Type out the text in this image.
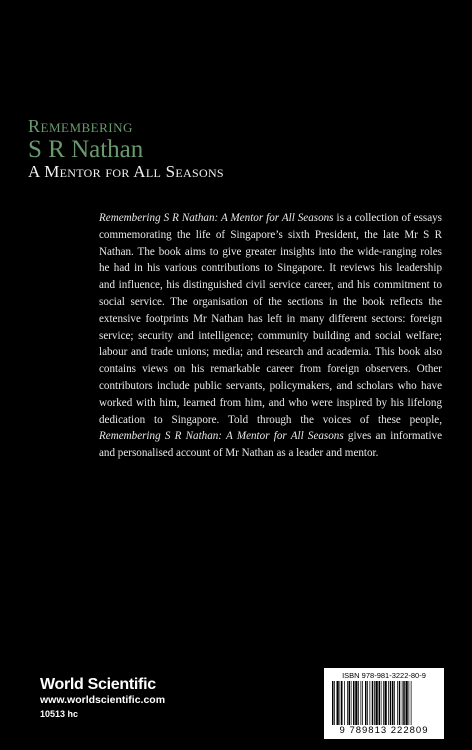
Remembering
S R Nathan
A Mentor for All Seasons
Remembering S R Nathan: A Mentor for All Seasons is a collection of essays commemorating the life of Singapore’s sixth President, the late Mr S R Nathan. The book aims to give greater insights into the wide-ranging roles he had in his various contributions to Singapore. It reviews his leadership and influence, his distinguished civil service career, and his commitment to social service. The organisation of the sections in the book reflects the extensive footprints Mr Nathan has left in many different sectors: foreign service; security and intelligence; community building and social welfare; labour and trade unions; media; and research and academia. This book also contains views on his remarkable career from foreign observers. Other contributors include public servants, policymakers, and scholars who have worked with him, learned from him, and who were inspired by his lifelong dedication to Singapore. Told through the voices of these people, Remembering S R Nathan: A Mentor for All Seasons gives an informative and personalised account of Mr Nathan as a leader and mentor.
World Scientific
www.worldscientific.com
10513 hc
ISBN 978-981-3222-80-9
9 789813 222809
